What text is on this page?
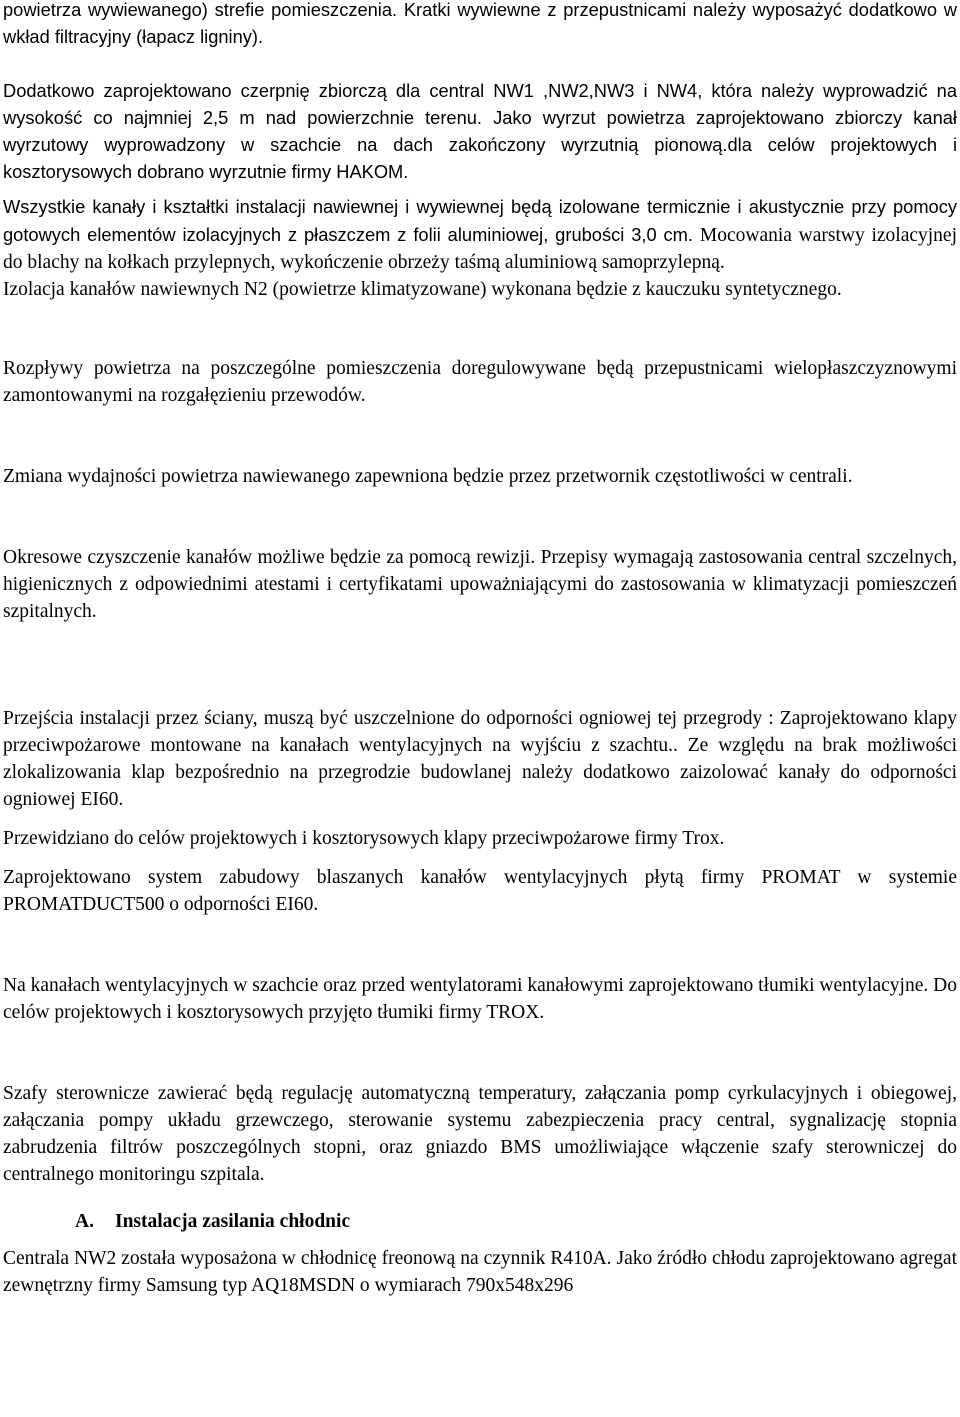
powietrza wywiewanego) strefie pomieszczenia. Kratki wywiewne z przepustnicami należy wyposażyć dodatkowo w wkład filtracyjny (łapacz ligniny).

Dodatkowo zaprojektowano czerpnię zbiorczą dla central NW1 ,NW2,NW3 i NW4, która należy wyprowadzić na wysokość co najmniej 2,5 m nad powierzchnie terenu. Jako wyrzut powietrza zaprojektowano zbiorczy kanał wyrzutowy wyprowadzony w szachcie na dach zakończony wyrzutnią pionową.dla celów projektowych i kosztorysowych dobrano wyrzutnie firmy HAKOM.

Wszystkie kanały i kształtki instalacji nawiewnej i wywiewnej będą izolowane termicznie i akustycznie przy pomocy gotowych elementów izolacyjnych z płaszczem z folii aluminiowej, grubości 3,0 cm. Mocowania warstwy izolacyjnej do blachy na kołkach przylepnych, wykończenie obrzeży taśmą aluminiową samoprzylepną.

Izolacja kanałów nawiewnych N2 (powietrze klimatyzowane) wykonana będzie z kauczuku syntetycznego.

Rozpływy powietrza na poszczególne pomieszczenia doregulowywane będą przepustnicami wielopłaszczyznowymi zamontowanymi na rozgałęzieniu przewodów.

Zmiana wydajności powietrza nawiewanego zapewniona będzie przez przetwornik częstotliwości w centrali.

Okresowe czyszczenie kanałów możliwe będzie za pomocą rewizji. Przepisy wymagają zastosowania central szczelnych, higienicznych z odpowiednimi atestami i certyfikatami upoważniającymi do zastosowania w klimatyzacji pomieszczeń szpitalnych.

Przejścia instalacji przez ściany, muszą być uszczelnione do odporności ogniowej tej przegrody : Zaprojektowano klapy przeciwpożarowe montowane na kanałach wentylacyjnych na wyjściu z szachtu.. Ze względu na brak możliwości zlokalizowania klap bezpośrednio na przegrodzie budowlanej należy dodatkowo zaizolować kanały do odporności ogniowej EI60.

Przewidziano do celów projektowych i kosztorysowych klapy przeciwpożarowe firmy Trox.

Zaprojektowano system zabudowy blaszanych kanałów wentylacyjnych płytą firmy PROMAT w systemie PROMATDUCT500 o odporności EI60.

Na kanałach wentylacyjnych w szachcie oraz przed wentylatorami kanałowymi zaprojektowano tłumiki wentylacyjne. Do celów projektowych i kosztorysowych przyjęto tłumiki firmy TROX.

Szafy sterownicze zawierać będą regulację automatyczną temperatury, załączania pomp cyrkulacyjnych i obiegowej, załączania pompy układu grzewczego, sterowanie systemu zabezpieczenia pracy central, sygnalizację stopnia zabrudzenia filtrów poszczególnych stopni, oraz gniazdo BMS umożliwiające włączenie szafy sterowniczej do centralnego monitoringu szpitala.

A. Instalacja zasilania chłodnic

Centrala NW2 została wyposażona w chłodnicę freonową na czynnik R410A. Jako źródło chłodu zaprojektowano agregat zewnętrzny firmy Samsung typ AQ18MSDN o wymiarach 790x548x296
